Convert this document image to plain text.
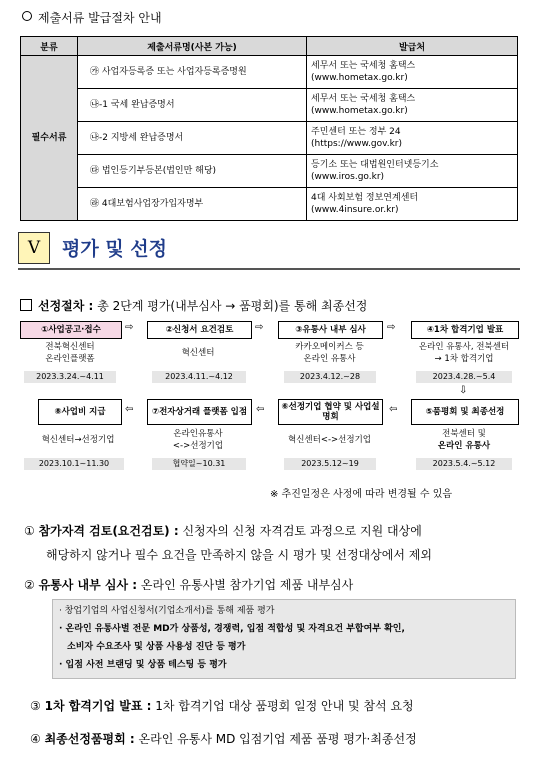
제출서류 발급절차 안내
분류	제출서류명(사본 가능)	발급처
필수서류	㉮ 사업자등록증 또는 사업자등록증명원	세무서 또는 국세청 홈택스
(www.hometax.go.kr)

	㉯-1 국세 완납증명서	세무서 또는 국세청 홈택스
(www.hometax.go.kr)

	㉯-2 지방세 완납증명서	주민센터 또는 정부 24
(https://www.gov.kr)

	㉰ 법인등기부등본(법인만 해당)	등기소 또는 대법원인터넷등기소
(www.iros.go.kr)

	㉱ 4대보험사업장가입자명부	4대 사회보험 정보연계센터
(www.4insure.or.kr)
Ⅴ	평가 및 선정
선정절차 : 총 2단계 평가(내부심사 → 품평회)를 통해 최종선정
①사업공고·접수
전북혁신센터
온라인플랫폼
2023.3.24.~4.11
⇨	②신청서 요건검토
혁신센터
2023.4.11.~4.12
⇨	③유통사 내부 심사
카카오메이커스 등
온라인 유통사
2023.4.12.~28
⇨	④1차 합격기업 발표
온라인 유통사, 전북센터
→ 1차 합격기업
2023.4.28.~5.4
⇩
⑤품평회 및 최종선정
전북센터 및
온라인 유통사
2023.5.4.~5.12
⇦
⑥선정기업 협약 및 사업설명회
혁신센터<->선정기업
2023.5.12~19
⇦
⑦전자상거래 플랫폼 입점
온라인유통사
<->선정기업
협약일~10.31
⇦
⑧사업비 지급
혁신센터→선정기업
2023.10.1~11.30
※ 추진일정은 사정에 따라 변경될 수 있음
① 참가자격 검토(요건검토) : 신청자의 신청 자격검토 과정으로 지원 대상에
해당하지 않거나 필수 요건을 만족하지 않을 시 평가 및 선정대상에서 제외
② 유통사 내부 심사 : 온라인 유통사별 참가기업 제품 내부심사
· 창업기업의 사업신청서(기업소개서)를 통해 제품 평가
· 온라인 유통사별 전문 MD가 상품성, 경쟁력, 입점 적합성 및 자격요건 부합여부 확인,
소비자 수요조사 및 상품 사용성 진단 등 평가
· 입점 사전 브랜딩 및 상품 테스팅 등 평가
③ 1차 합격기업 발표 : 1차 합격기업 대상 품평회 일정 안내 및 참석 요청
④ 최종선정품평회 : 온라인 유통사 MD 입점기업 제품 품평 평가·최종선정
